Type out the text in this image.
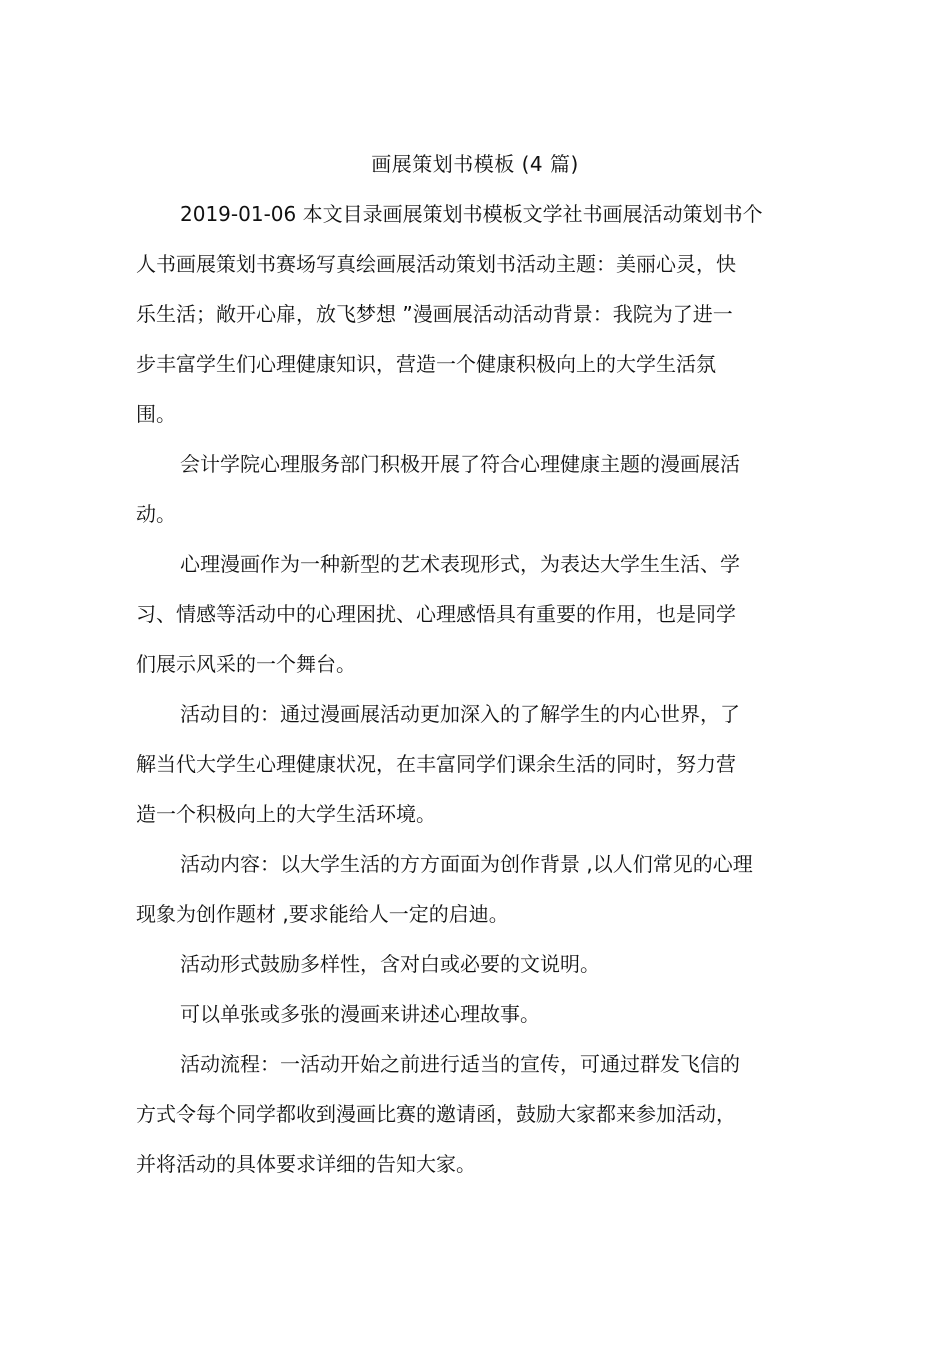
画展策划书模板 (4 篇)
2019-01-06 本文目录画展策划书模板文学社书画展活动策划书个
人书画展策划书赛场写真绘画展活动策划书活动主题：美丽心灵，快
乐生活；敞开心扉，放飞梦想 ”漫画展活动活动背景：我院为了进一
步丰富学生们心理健康知识，营造一个健康积极向上的大学生活氛
围。
会计学院心理服务部门积极开展了符合心理健康主题的漫画展活
动。
心理漫画作为一种新型的艺术表现形式，为表达大学生生活、学
习、情感等活动中的心理困扰、心理感悟具有重要的作用，也是同学
们展示风采的一个舞台。
活动目的：通过漫画展活动更加深入的了解学生的内心世界，了
解当代大学生心理健康状况，在丰富同学们课余生活的同时，努力营
造一个积极向上的大学生活环境。
活动内容：以大学生活的方方面面为创作背景 ,以人们常见的心理
现象为创作题材 ,要求能给人一定的启迪。
活动形式鼓励多样性，含对白或必要的文说明。
可以单张或多张的漫画来讲述心理故事。
活动流程：一活动开始之前进行适当的宣传，可通过群发飞信的
方式令每个同学都收到漫画比赛的邀请函，鼓励大家都来参加活动，
并将活动的具体要求详细的告知大家。
